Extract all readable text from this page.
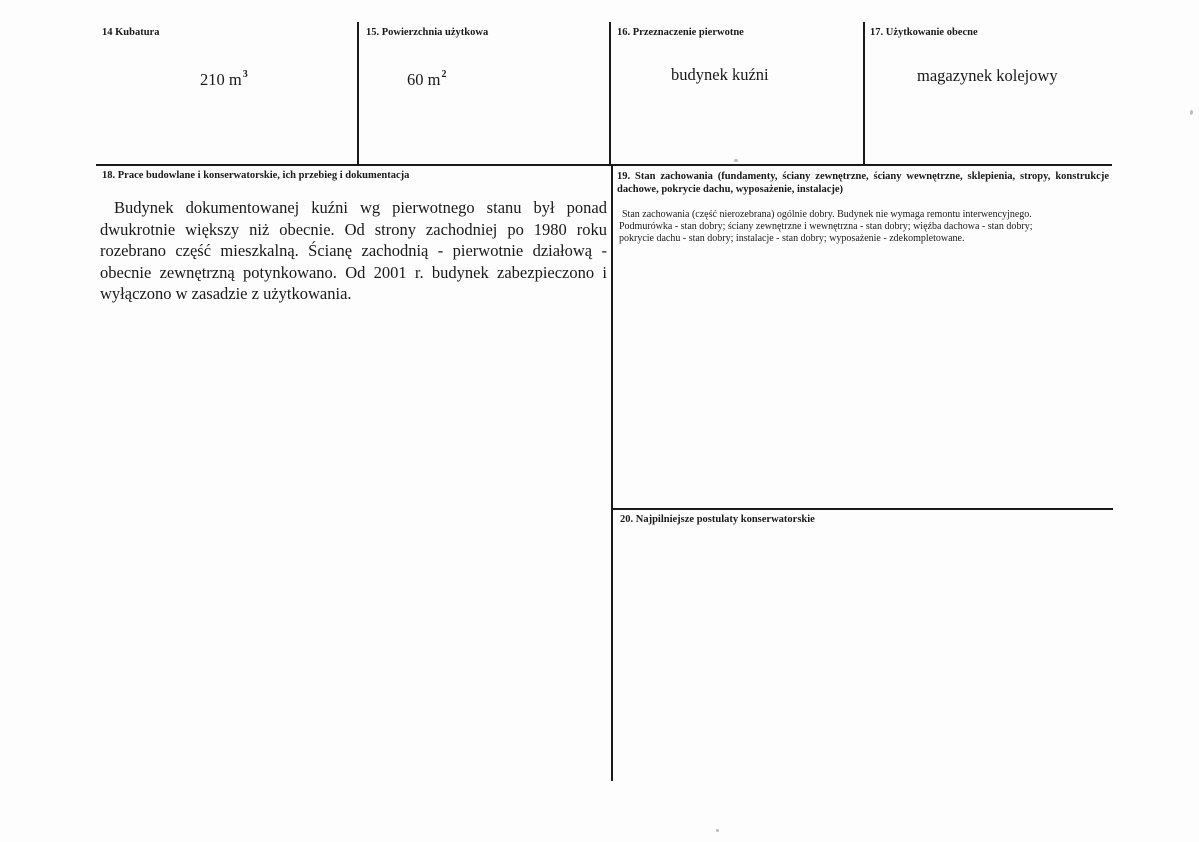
14 Kubatura
210 $m^3$
15. Powierzchnia użytkowa
60 $m^2$
16. Przeznaczenie pierwotne
budynek kuźni
17. Użytkowanie obecne
magazynek kolejowy
18. Prace budowlane i konserwatorskie, ich przebieg i dokumentacja
Budynek dokumentowanej kuźni wg pierwotnego stanu był ponad dwukrotnie większy niż obecnie. Od strony zachodniej po 1980 roku rozebrano część mieszkalną. Ścianę zachodnią - pierwotnie działową - obecnie zewnętrzną potynkowano. Od 2001 r. budynek zabezpieczono i wyłączono w zasadzie z użytkowania.
19. Stan zachowania (fundamenty, ściany zewnętrzne, ściany wewnętrzne, sklepienia, stropy, konstrukcje dachowe, pokrycie dachu, wyposażenie, instalacje)
Stan zachowania (część nierozebrana) ogólnie dobry. Budynek nie wymaga remontu interwencyjnego.
Podmurówka - stan dobry; ściany zewnętrzne i wewnętrzna - stan dobry; więźba dachowa - stan dobry;
pokrycie dachu - stan dobry; instalacje - stan dobry; wyposażenie - zdekompletowane.
20. Najpilniejsze postulaty konserwatorskie
